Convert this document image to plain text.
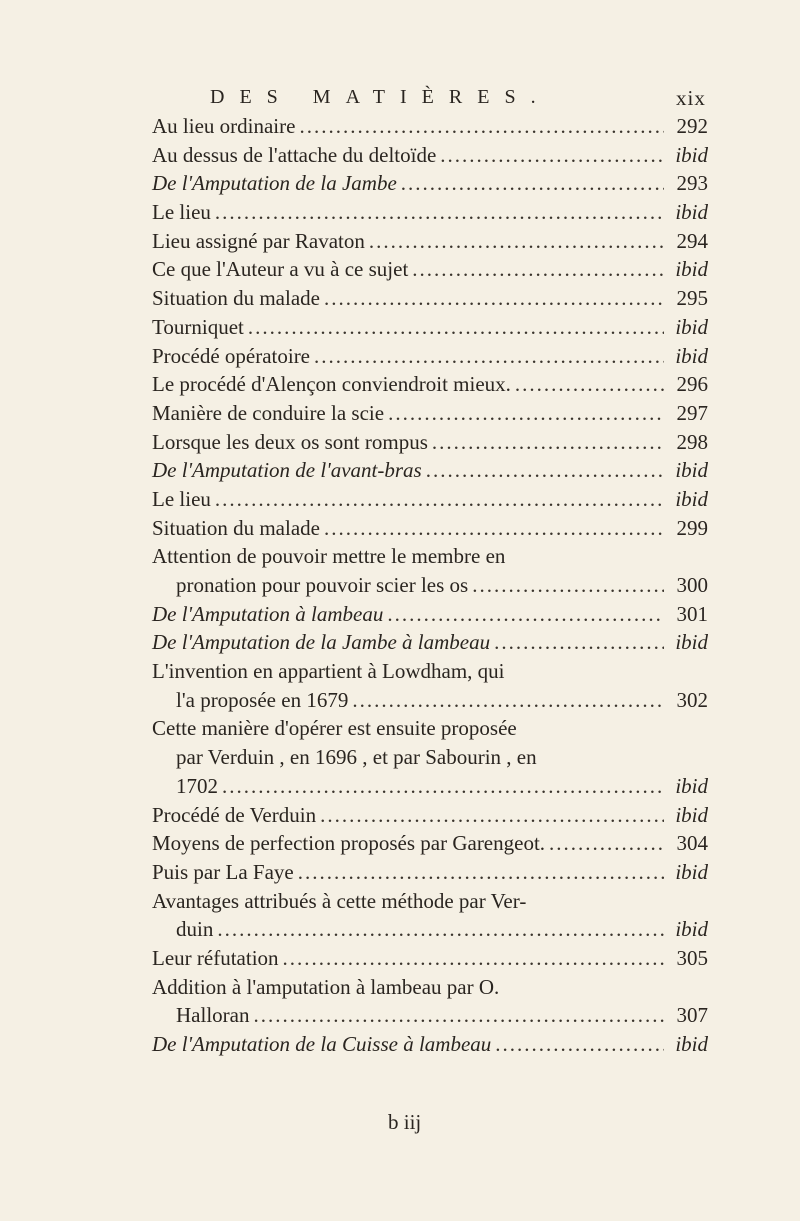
DES MATIÈRES.	xix
Au lieu ordinaire .....	292
Au dessus de l'attache du deltoïde .....	ibid
De l'Amputation de la Jambe .....	293
Le lieu .....	ibid
Lieu assigné par Ravaton .....	294
Ce que l'Auteur a vu à ce sujet .....	ibid
Situation du malade .....	295
Tourniquet .....	ibid
Procédé opératoire .....	ibid
Le procédé d'Alençon conviendroit mieux. .....	296
Manière de conduire la scie .....	297
Lorsque les deux os sont rompus .....	298
De l'Amputation de l'avant-bras .....	ibid
Le lieu .....	ibid
Situation du malade .....	299
Attention de pouvoir mettre le membre en
pronation pour pouvoir scier les os .....	300
De l'Amputation à lambeau .....	301
De l'Amputation de la Jambe à lambeau .....	ibid
L'invention en appartient à Lowdham, qui
l'a proposée en 1679 .....	302
Cette manière d'opérer est ensuite proposée
par Verduin , en 1696 , et par Sabourin , en
1702 .....	ibid
Procédé de Verduin .....	ibid
Moyens de perfection proposés par Garengeot. .....	304
Puis par La Faye .....	ibid
Avantages attribués à cette méthode par Ver-
duin .....	ibid
Leur réfutation .....	305
Addition à l'amputation à lambeau par O.
Halloran .....	307
De l'Amputation de la Cuisse à lambeau .....	ibid
b iij
